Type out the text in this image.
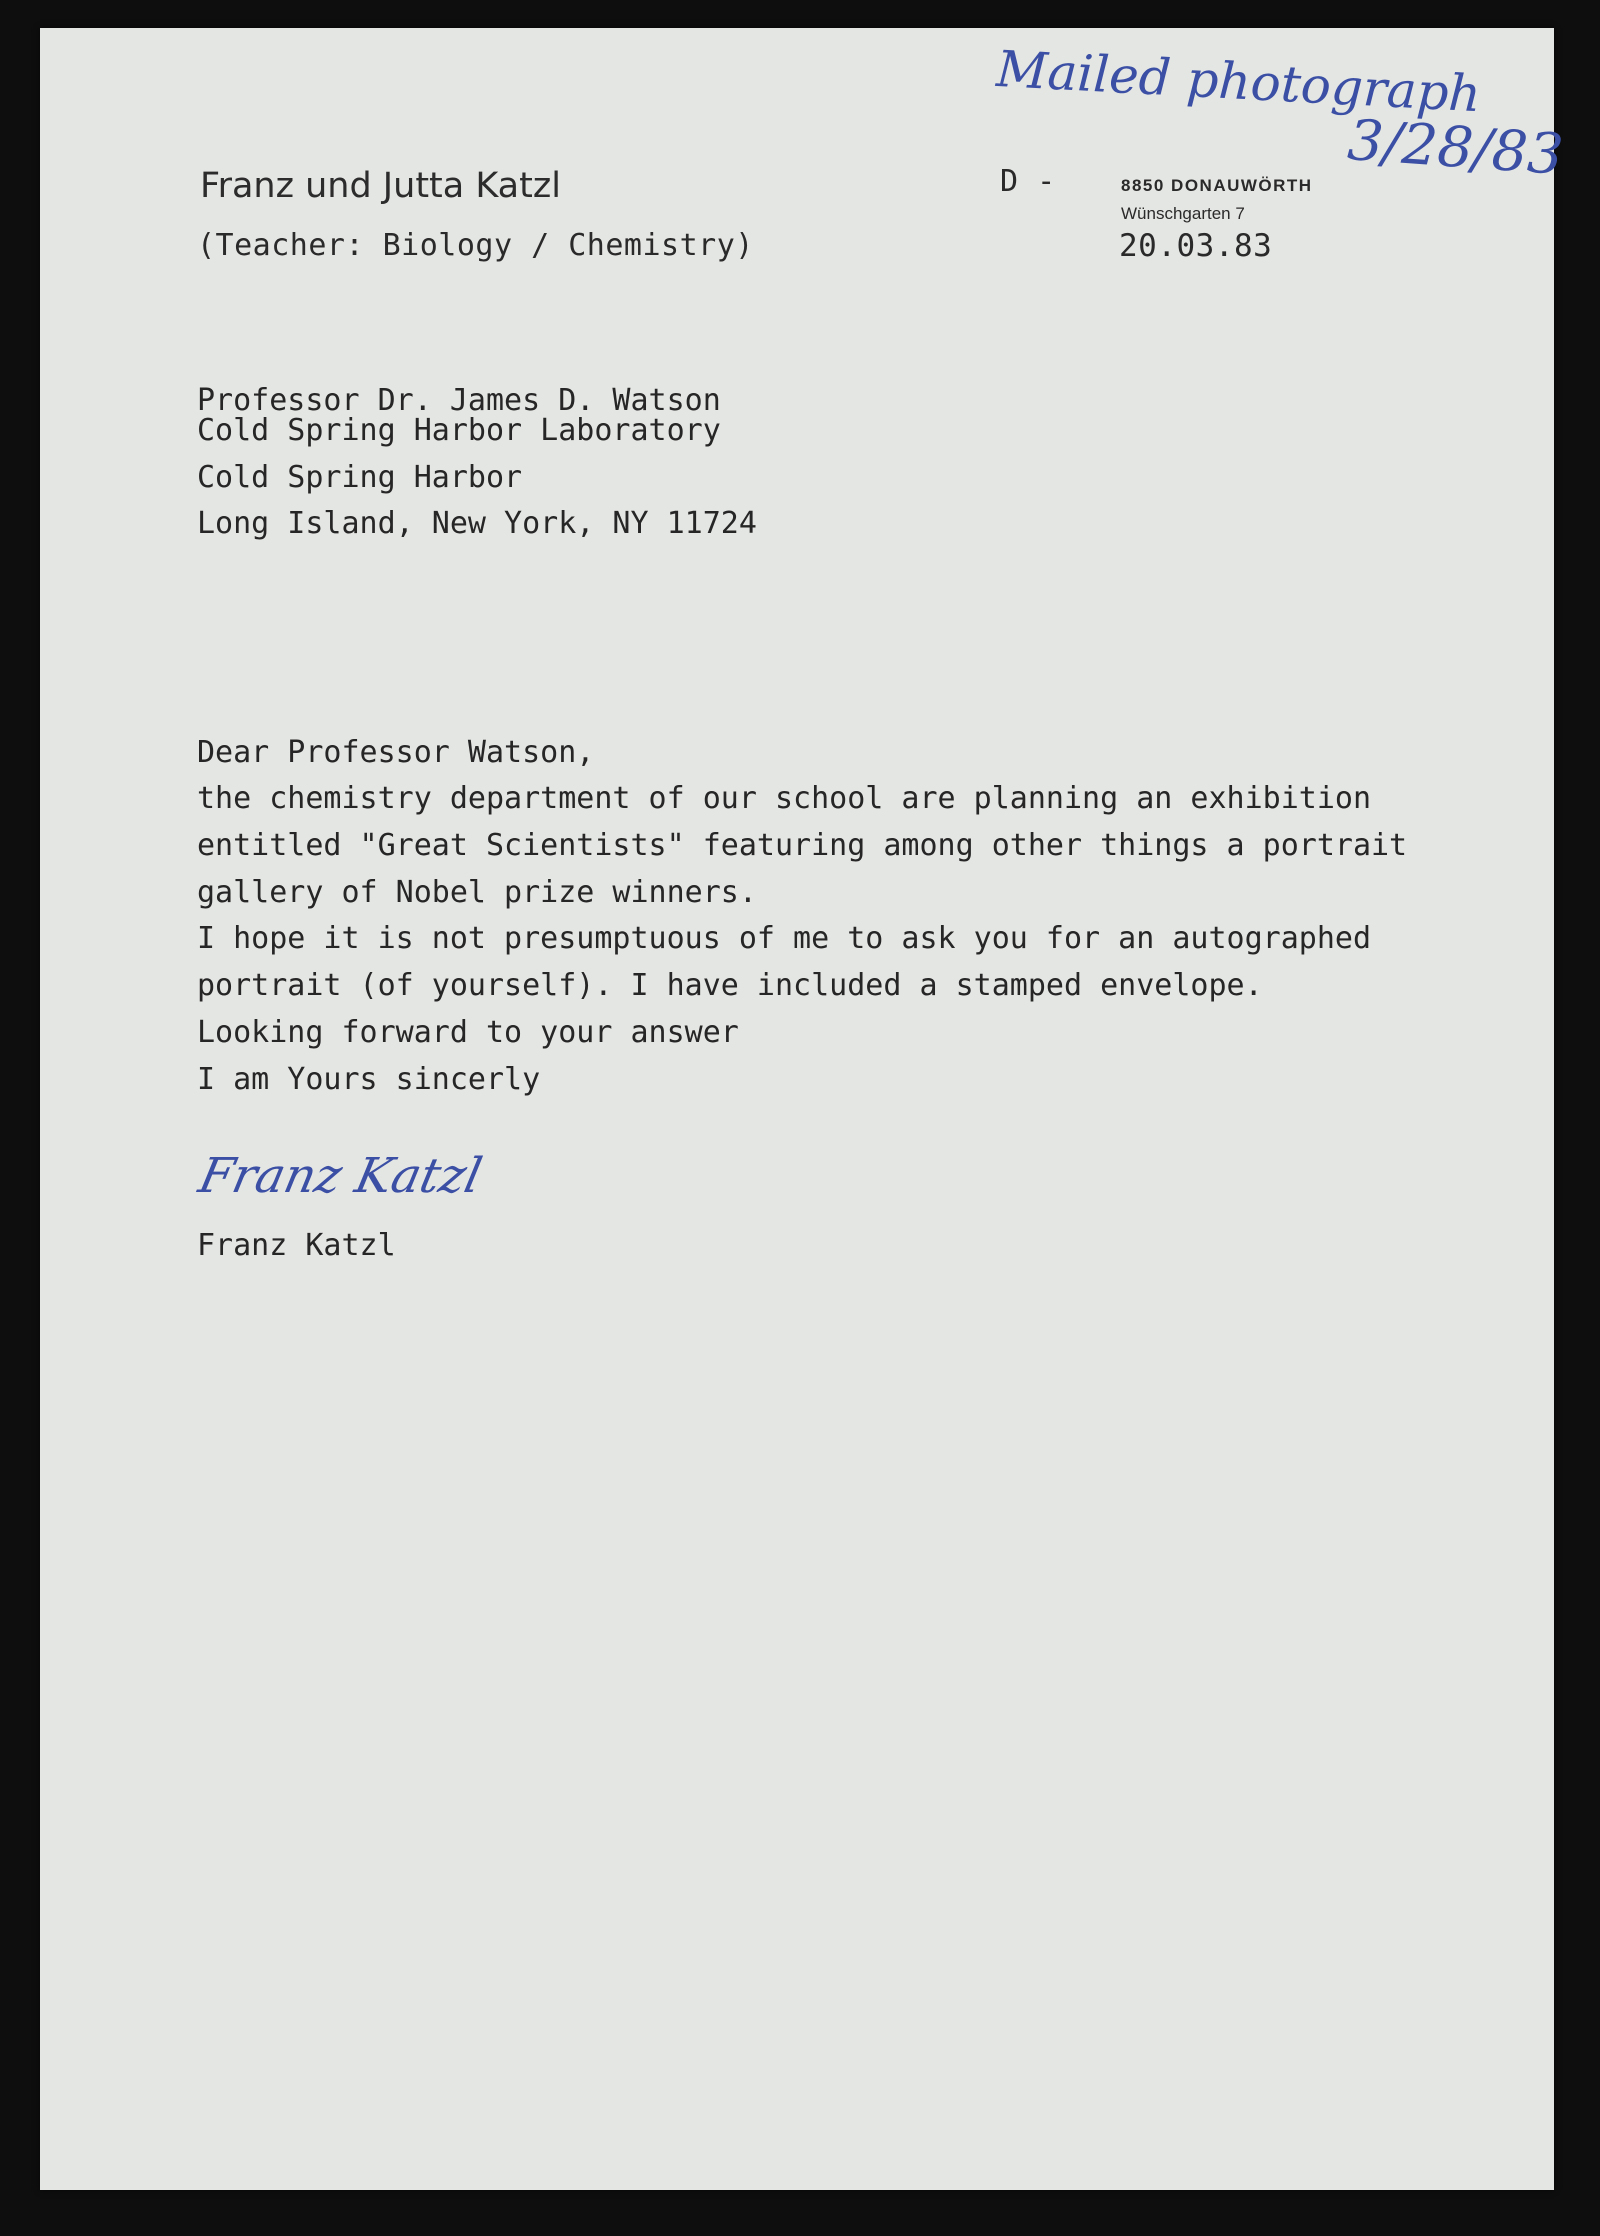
Franz und Jutta Katzl
(Teacher: Biology / Chemistry)
D -	8850 DONAUWÖRTH
Wünschgarten 7
20.03.83
Mailed photograph
3/28/83
Professor Dr. James D. Watson
Cold Spring Harbor Laboratory
Cold Spring Harbor
Long Island, New York, NY 11724
Dear Professor Watson,
the chemistry department of our school are planning an exhibition
entitled "Great Scientists" featuring among other things a portrait
gallery of Nobel prize winners.
I hope it is not presumptuous of me to ask you for an autographed
portrait (of yourself). I have included a stamped envelope.
Looking forward to your answer
I am Yours sincerly
Franz Katzl
Franz Katzl
